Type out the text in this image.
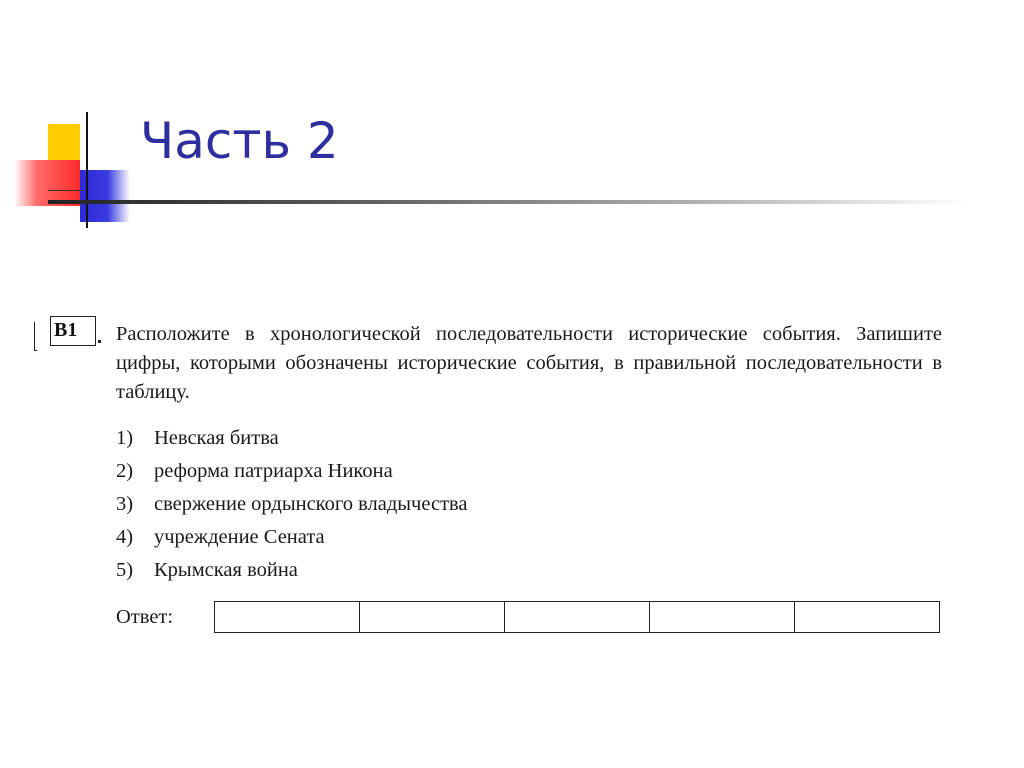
Часть 2
В1 Расположите в хронологической последовательности исторические события. Запишите цифры, которыми обозначены исторические события, в правильной последовательности в таблицу.

1) Невская битва
2) реформа патриарха Никона
3) свержение ордынского владычества
4) учреждение Сената
5) Крымская война
Ответ:
